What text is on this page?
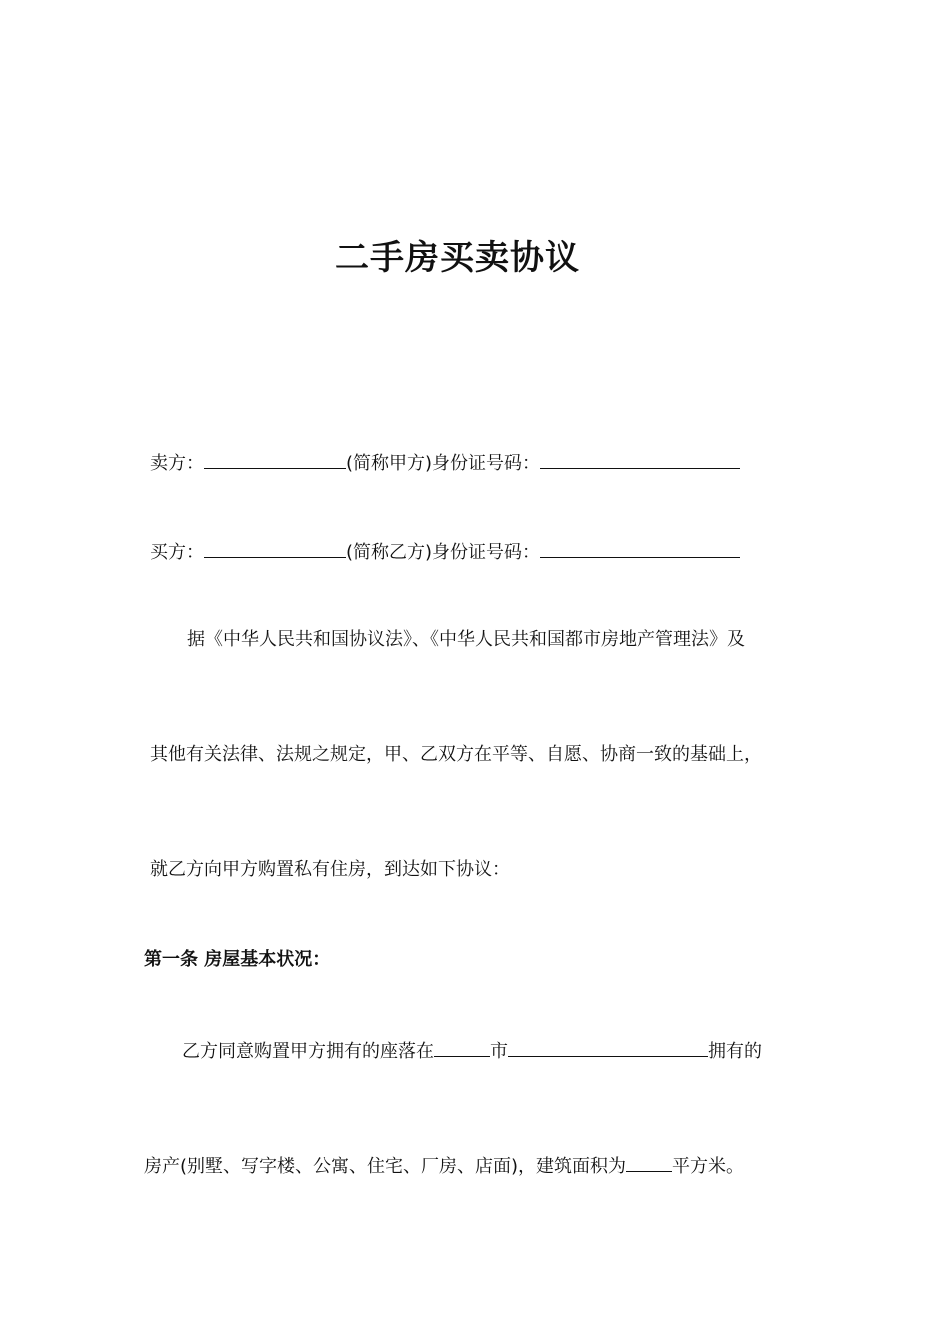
二手房买卖协议
卖方：	(简称甲方)身份证号码：
买方：	(简称乙方)身份证号码：
据《中华人民共和国协议法》、《中华人民共和国都市房地产管理法》及
其他有关法律、法规之规定，甲、乙双方在平等、自愿、协商一致的基础上，
就乙方向甲方购置私有住房，到达如下协议：
第一条 房屋基本状况：
乙方同意购置甲方拥有的座落在	市	拥有的
房产(别墅、写字楼、公寓、住宅、厂房、店面)，建筑面积为	平方米。
